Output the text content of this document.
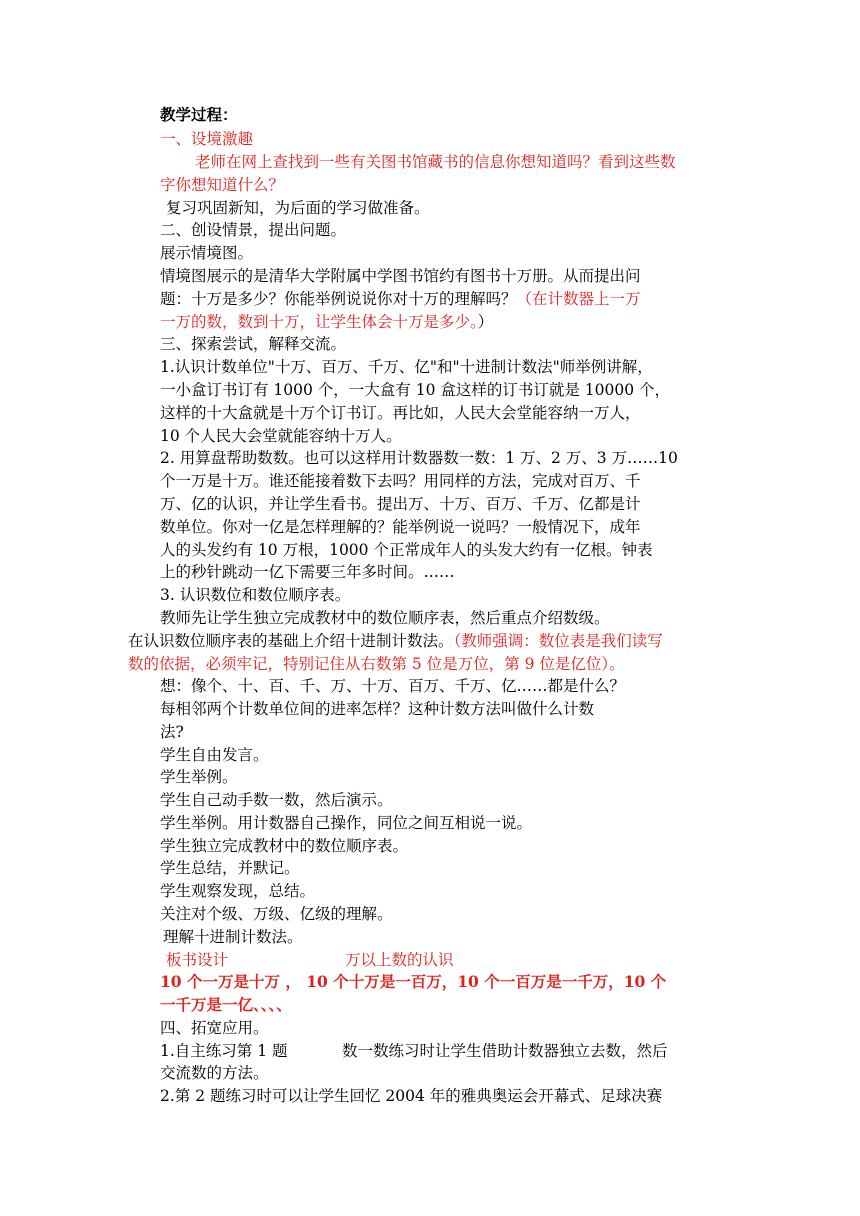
教学过程：
一、设境激趣
老师在网上查找到一些有关图书馆藏书的信息你想知道吗？看到这些数
字你想知道什么？
复习巩固新知，为后面的学习做准备。
二、创设情景，提出问题。
展示情境图。
情境图展示的是清华大学附属中学图书馆约有图书十万册。从而提出问
题：十万是多少？你能举例说说你对十万的理解吗？（在计数器上一万
一万的数，数到十万，让学生体会十万是多少。）
三、探索尝试，解释交流。
1.认识计数单位"十万、百万、千万、亿"和"十进制计数法"师举例讲解，
一小盒订书订有 1000 个，一大盒有 10 盒这样的订书订就是 10000 个，
这样的十大盒就是十万个订书订。再比如，人民大会堂能容纳一万人，
10 个人民大会堂就能容纳十万人。
2. 用算盘帮助数数。也可以这样用计数器数一数：1 万、2 万、3 万……10
个一万是十万。谁还能接着数下去吗？用同样的方法，完成对百万、千
万、亿的认识，并让学生看书。提出万、十万、百万、千万、亿都是计
数单位。你对一亿是怎样理解的？能举例说一说吗？一般情况下，成年
人的头发约有 10 万根，1000 个正常成年人的头发大约有一亿根。钟表
上的秒针跳动一亿下需要三年多时间。……
3. 认识数位和数位顺序表。
教师先让学生独立完成教材中的数位顺序表，然后重点介绍数级。
在认识数位顺序表的基础上介绍十进制计数法。（教师强调：数位表是我们读写
数的依据，必须牢记，特别记住从右数第 5 位是万位，第 9 位是亿位）。
想：像个、十、百、千、万、十万、百万、千万、亿……都是什么？
每相邻两个计数单位间的进率怎样？这种计数方法叫做什么计数
法?
学生自由发言。
学生举例。
学生自己动手数一数，然后演示。
学生举例。用计数器自己操作，同位之间互相说一说。
学生独立完成教材中的数位顺序表。
学生总结，并默记。
学生观察发现，总结。
关注对个级、万级、亿级的理解。
理解十进制计数法。
板书设计	万以上数的认识
10 个一万是十万 ， 10 个十万是一百万，10 个一百万是一千万，10 个
一千万是一亿、、、、
四、拓宽应用。
1.自主练习第 1 题	数一数练习时让学生借助计数器独立去数，然后
交流数的方法。
2.第 2 题练习时可以让学生回忆 2004 年的雅典奥运会开幕式、足球决赛
